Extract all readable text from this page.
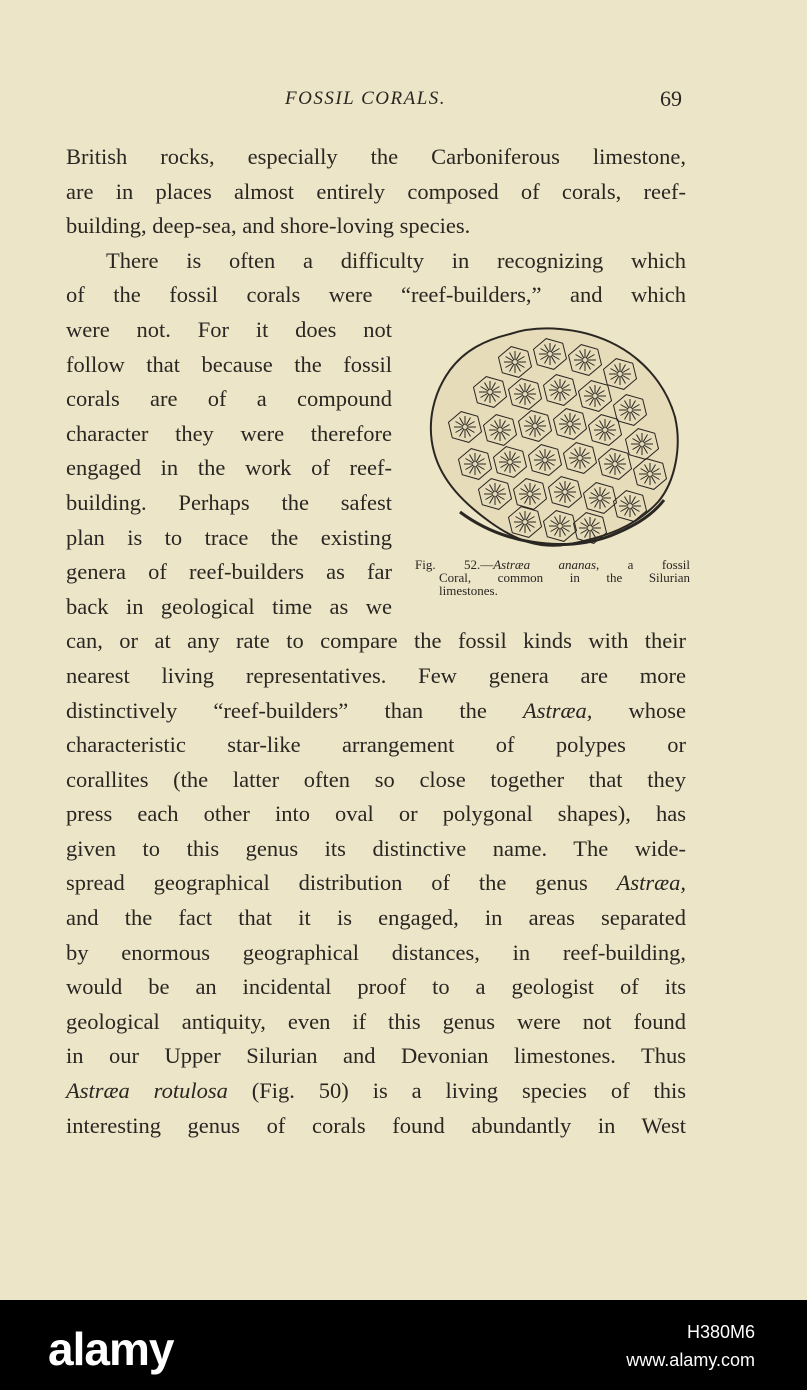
FOSSIL CORALS.	69
British rocks, especially the Carboniferous limestone,
are in places almost entirely composed of corals, reef-
building, deep-sea, and shore-loving species.
There is often a difficulty in recognizing which
of the fossil corals were “reef-builders,” and which
were not. For it does not
follow that because the fossil
corals are of a compound
character they were therefore
engaged in the work of reef-
building. Perhaps the safest
plan is to trace the existing
genera of reef-builders as far
back in geological time as we
can, or at any rate to compare the fossil kinds with their
nearest living representatives. Few genera are more
distinctively “reef-builders” than the Astræa, whose
characteristic star-like arrangement of polypes or
corallites (the latter often so close together that they
press each other into oval or polygonal shapes), has
given to this genus its distinctive name. The wide-
spread geographical distribution of the genus Astræa,
and the fact that it is engaged, in areas separated
by enormous geographical distances, in reef-building,
would be an incidental proof to a geologist of its
geological antiquity, even if this genus were not found
in our Upper Silurian and Devonian limestones. Thus
Astræa rotulosa (Fig. 50) is a living species of this
interesting genus of corals found abundantly in West
Fig. 52.—Astræa ananas, a fossil
Coral, common in the Silurian
limestones.
alamy	H380M6
www.alamy.com
